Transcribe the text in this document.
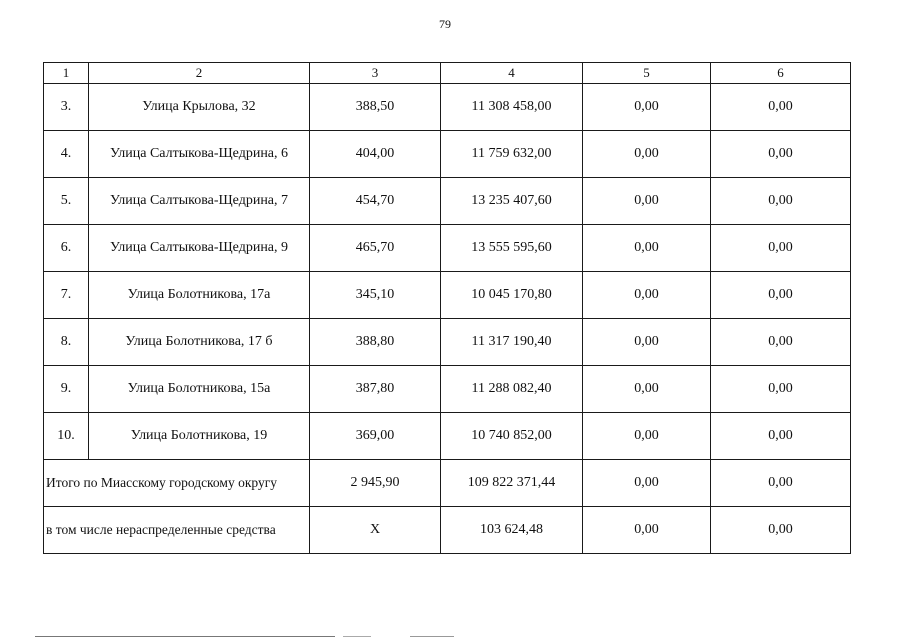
79
1	2	3	4	5	6
3.	Улица Крылова, 32	388,50	11 308 458,00	0,00	0,00
4.	Улица Салтыкова-Щедрина, 6	404,00	11 759 632,00	0,00	0,00
5.	Улица Салтыкова-Щедрина, 7	454,70	13 235 407,60	0,00	0,00
6.	Улица Салтыкова-Щедрина, 9	465,70	13 555 595,60	0,00	0,00
7.	Улица Болотникова, 17а	345,10	10 045 170,80	0,00	0,00
8.	Улица Болотникова, 17 б	388,80	11 317 190,40	0,00	0,00
9.	Улица Болотникова, 15а	387,80	11 288 082,40	0,00	0,00
10.	Улица Болотникова, 19	369,00	10 740 852,00	0,00	0,00
Итого по Миасскому городскому округу		2 945,90	109 822 371,44	0,00	0,00
в том числе нераспределенные средства		X	103 624,48	0,00	0,00
